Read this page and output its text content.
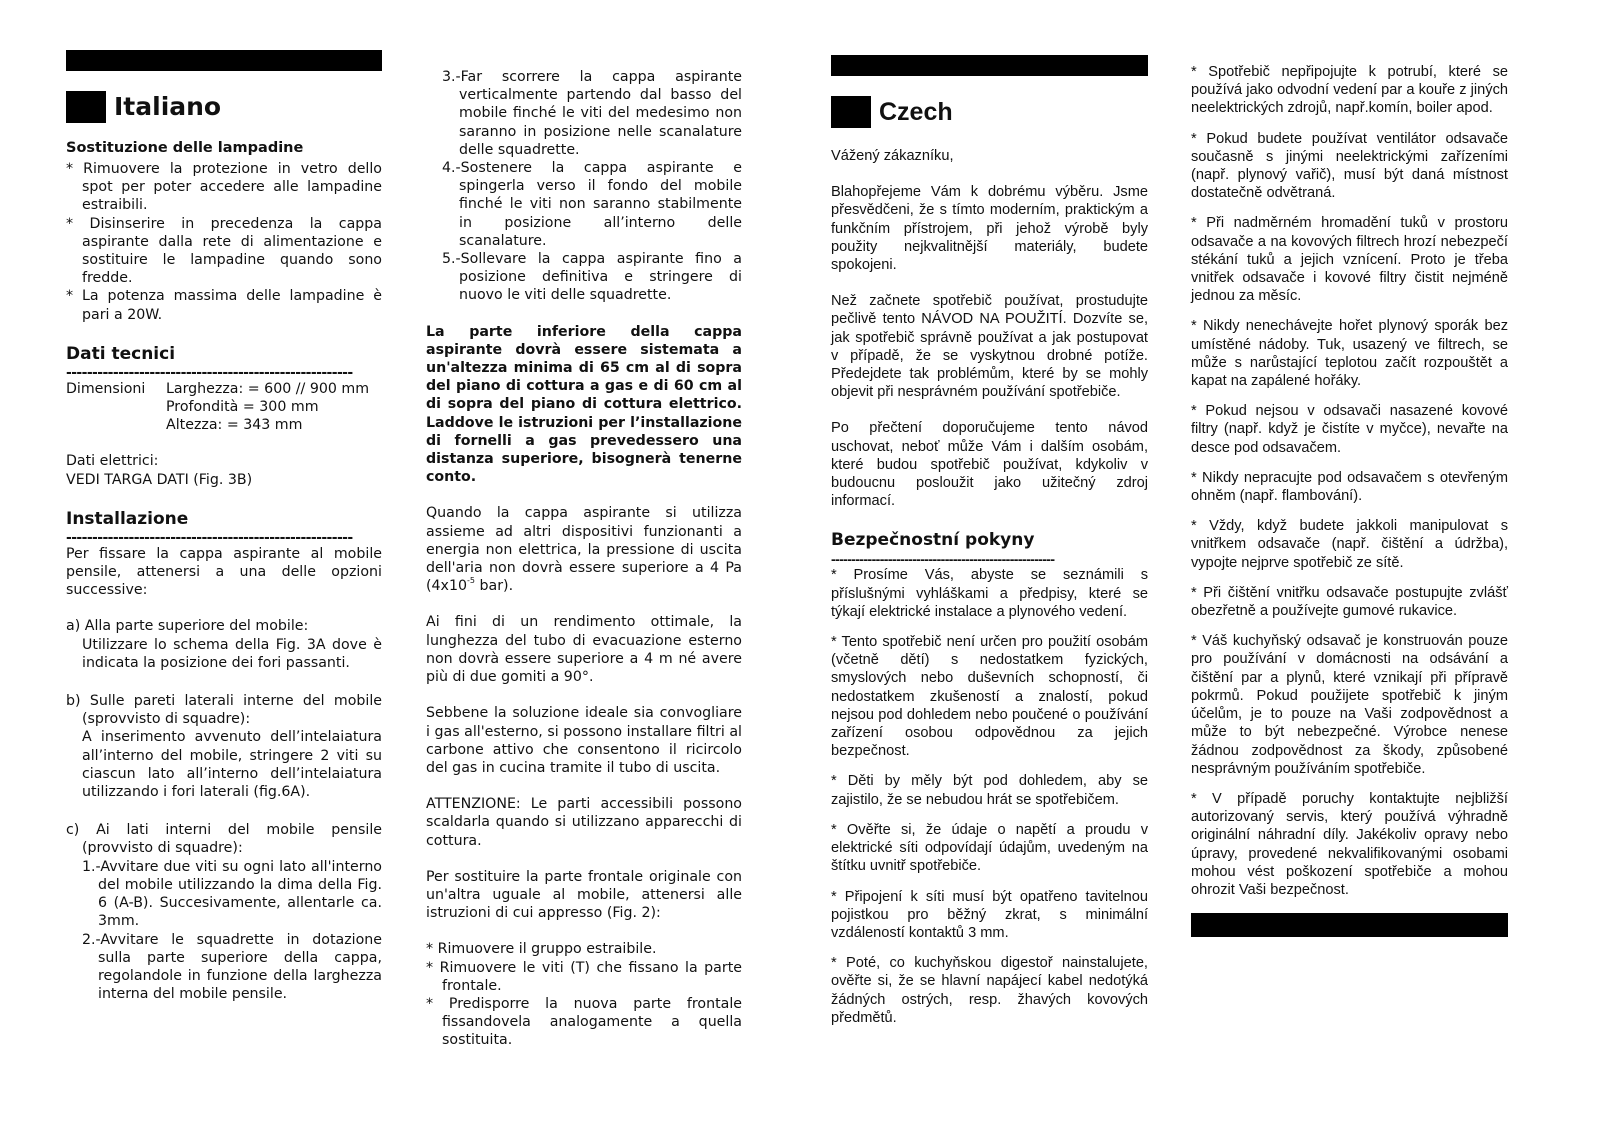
Italiano
Sostituzione delle lampadine

* Rimuovere la protezione in vetro dello spot per poter accedere alle lampadine estraibili.

* Disinserire in precedenza la cappa aspirante dalla rete di alimentazione e sostituire le lampadine quando sono fredde.

* La potenza massima delle lampadine è pari a 20W.

Dati tecnici
-------------------------------------------------------
Dimensioni	Larghezza: = 600 // 900 mm
Profondità = 300 mm
Altezza: = 343 mm

Dati elettrici:

VEDI TARGA DATI (Fig. 3B)

Installazione
-------------------------------------------------------

Per fissare la cappa aspirante al mobile pensile, attenersi a una delle opzioni successive:

a) Alla parte superiore del mobile:

Utilizzare lo schema della Fig. 3A dove è indicata la posizione dei fori passanti.

b) Sulle pareti laterali interne del mobile (sprovvisto di squadre):

A inserimento avvenuto dell’intelaiatura all’interno del mobile, stringere 2 viti su ciascun lato all’interno dell’intelaiatura utilizzando i fori laterali (fig.6A).

c) Ai lati interni del mobile pensile (provvisto di squadre):

1.-Avvitare due viti su ogni lato all'interno del mobile utilizzando la dima della Fig. 6 (A-B). Succesivamente, allentarle ca. 3mm.

2.-Avvitare le squadrette in dotazione sulla parte superiore della cappa, regolandole in funzione della larghezza interna del mobile pensile.

3.-Far scorrere la cappa aspirante verticalmente partendo dal basso del mobile finché le viti del medesimo non saranno in posizione nelle scanalature delle squadrette.

4.-Sostenere la cappa aspirante e spingerla verso il fondo del mobile finché le viti non saranno stabilmente in posizione all’interno delle scanalature.

5.-Sollevare la cappa aspirante fino a posizione definitiva e stringere di nuovo le viti delle squadrette.

La parte inferiore della cappa aspirante dovrà essere sistemata a un'altezza minima di 65 cm al di sopra del piano di cottura a gas e di 60 cm al di sopra del piano di cottura elettrico. Laddove le istruzioni per l’installazione di fornelli a gas prevedessero una distanza superiore, bisognerà tenerne conto.

Quando la cappa aspirante si utilizza assieme ad altri dispositivi funzionanti a energia non elettrica, la pressione di uscita dell'aria non dovrà essere superiore a 4 Pa ($4x10^{-5}$ bar).

Ai fini di un rendimento ottimale, la lunghezza del tubo di evacuazione esterno non dovrà essere superiore a 4 m né avere più di due gomiti a 90°.

Sebbene la soluzione ideale sia convogliare i gas all'esterno, si possono installare filtri al carbone attivo che consentono il ricircolo del gas in cucina tramite il tubo di uscita.

ATTENZIONE: Le parti accessibili possono scaldarla quando si utilizzano apparecchi di cottura.

Per sostituire la parte frontale originale con un'altra uguale al mobile, attenersi alle istruzioni di cui appresso (Fig. 2):

* Rimuovere il gruppo estraibile.

* Rimuovere le viti (T) che fissano la parte frontale.

* Predisporre la nuova parte frontale fissandovela analogamente a quella sostituita.

Czech

Vážený zákazníku,

Blahopřejeme Vám k dobrému výběru. Jsme přesvědčeni, že s tímto moderním, praktickým a funkčním přístrojem, při jehož výrobě byly použity nejkvalitnější materiály, budete spokojeni.

Než začnete spotřebič používat, prostudujte pečlivě tento NÁVOD NA POUŽITÍ. Dozvíte se, jak spotřebič správně používat a jak postupovat v případě, že se vyskytnou drobné potíže. Předejdete tak problémům, které by se mohly objevit při nesprávném používání spotřebiče.

Po přečtení doporučujeme tento návod uschovat, neboť může Vám i dalším osobám, které budou spotřebič používat, kdykoliv v budoucnu posloužit jako užitečný zdroj informací.

Bezpečnostní pokyny
-------------------------------------------------------

* Prosíme Vás, abyste se seznámili s příslušnými vyhláškami a předpisy, které se týkají elektrické instalace a plynového vedení.

* Tento spotřebič není určen pro použití osobám (včetně dětí) s nedostatkem fyzických, smyslových nebo duševních schopností, či nedostatkem zkušeností a znalostí, pokud nejsou pod dohledem nebo poučené o používání zařízení osobou odpovědnou za jejich bezpečnost.

* Děti by měly být pod dohledem, aby se zajistilo, že se nebudou hrát se spotřebičem.

* Ověřte si, že údaje o napětí a proudu v elektrické síti odpovídají údajům, uvedeným na štítku uvnitř spotřebiče.

* Připojení k síti musí být opatřeno tavitelnou pojistkou pro běžný zkrat, s minimální vzdáleností kontaktů 3 mm.

* Poté, co kuchyňskou digestoř nainstalujete, ověřte si, že se hlavní napájecí kabel nedotýká žádných ostrých, resp. žhavých kovových předmětů.

* Spotřebič nepřipojujte k potrubí, které se používá jako odvodní vedení par a kouře z jiných neelektrických zdrojů, např.komín, boiler apod.

* Pokud budete používat ventilátor odsavače současně s jinými neelektrickými zařízeními (např. plynový vařič), musí být daná místnost dostatečně odvětraná.

* Při nadměrném hromadění tuků v prostoru odsavače a na kovových filtrech hrozí nebezpečí stékání tuků a jejich vznícení. Proto je třeba vnitřek odsavače i kovové filtry čistit nejméně jednou za měsíc.

* Nikdy nenechávejte hořet plynový sporák bez umístěné nádoby. Tuk, usazený ve filtrech, se může s narůstající teplotou začít rozpouštět a kapat na zapálené hořáky.

* Pokud nejsou v odsavači nasazené kovové filtry (např. když je čistíte v myčce), nevařte na desce pod odsavačem.

* Nikdy nepracujte pod odsavačem s otevřeným ohněm (např. flambování).

* Vždy, když budete jakkoli manipulovat s vnitřkem odsavače (např. čištění a údržba), vypojte nejprve spotřebič ze sítě.

* Při čištění vnitřku odsavače postupujte zvlášť obezřetně a používejte gumové rukavice.

* Váš kuchyňský odsavač je konstruován pouze pro používání v domácnosti na odsávání a čištění par a plynů, které vznikají při přípravě pokrmů. Pokud použijete spotřebič k jiným účelům, je to pouze na Vaši zodpovědnost a může to být nebezpečné. Výrobce nenese žádnou zodpovědnost za škody, způsobené nesprávným používáním spotřebiče.

* V případě poruchy kontaktujte nejbližší autorizovaný servis, který používá výhradně originální náhradní díly. Jakékoliv opravy nebo úpravy, provedené nekvalifikovanými osobami mohou vést poškození spotřebiče a mohou ohrozit Vaši bezpečnost.
